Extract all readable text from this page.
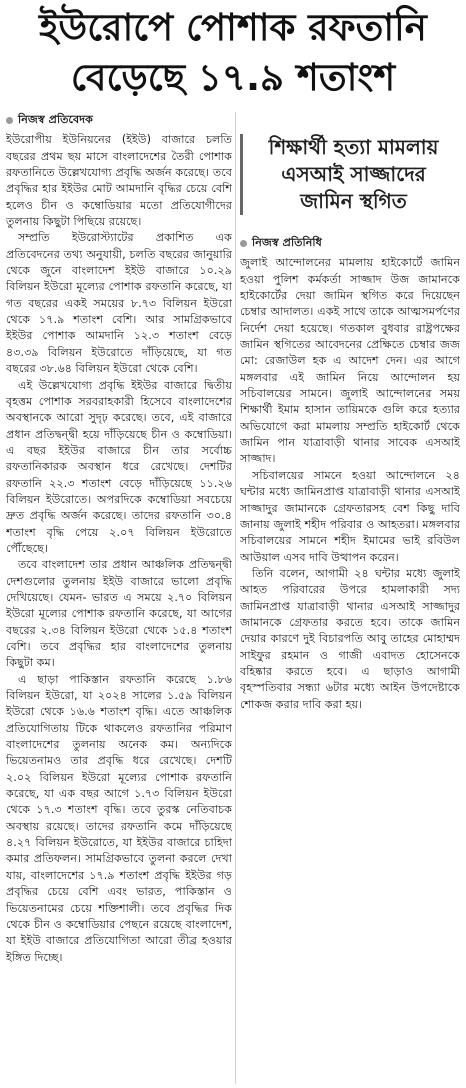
ইউরোপে পোশাক রফতানি
বেড়েছে ১৭.৯ শতাংশ
নিজস্ব প্রতিবেদক

ইউরোপীয় ইউনিয়নের (ইইউ) বাজারে চলতি বছরের প্রথম ছয় মাসে বাংলাদেশের তৈরী পোশাক রফতানিতে উল্লেখযোগ্য প্রবৃদ্ধি অর্জন করেছে। তবে প্রবৃদ্ধির হার ইইউর মোট আমদানি বৃদ্ধির চেয়ে বেশি হলেও চীন ও কম্বোডিয়ার মতো প্রতিযোগীদের তুলনায় কিছুটা পিছিয়ে রয়েছে।

সম্প্রতি ইউরোস্ট্যাটের প্রকাশিত এক প্রতিবেদনের তথ্য অনুযায়ী, চলতি বছরের জানুয়ারি থেকে জুনে বাংলাদেশ ইইউ বাজারে ১০.২৯ বিলিয়ন ইউরো মূল্যের পোশাক রফতানি করেছে, যা গত বছরের একই সময়ের ৮.৭৩ বিলিয়ন ইউরো থেকে ১৭.৯ শতাংশ বেশি। আর সামগ্রিকভাবে ইইউর পোশাক আমদানি ১২.৩ শতাংশ বেড়ে ৪৩.৩৯ বিলিয়ন ইউরোতে দাঁড়িয়েছে, যা গত বছরের ৩৮.৬৪ বিলিয়ন ইউরো থেকে বেশি।

এই উল্লেখযোগ্য প্রবৃদ্ধি ইইউর বাজারে দ্বিতীয় বৃহত্তম পোশাক সরবরাহকারী হিসেবে বাংলাদেশের অবস্থানকে আরো সুদৃঢ় করেছে। তবে, এই বাজারে প্রধান প্রতিদ্বন্দ্বী হয়ে দাঁড়িয়েছে চীন ও কম্বোডিয়া। এ বছর ইইউর বাজারে চীন তার সর্বোচ্চ রফতানিকারক অবস্থান ধরে রেখেছে। দেশটির রফতানি ২২.৩ শতাংশ বেড়ে দাঁড়িয়েছে ১১.২৬ বিলিয়ন ইউরোতে। অপরদিকে কম্বোডিয়া সবচেয়ে দ্রুত প্রবৃদ্ধি অর্জন করেছে। তাদের রফতানি ৩০.৪ শতাংশ বৃদ্ধি পেয়ে ২.০৭ বিলিয়ন ইউরোতে পৌঁছেছে।

তবে বাংলাদেশ তার প্রধান আঞ্চলিক প্রতিদ্বন্দ্বী দেশগুলোর তুলনায় ইইউ বাজারে ভালো প্রবৃদ্ধি দেখিয়েছে। যেমন- ভারত এ সময়ে ২.৭০ বিলিয়ন ইউরো মূল্যের পোশাক রফতানি করেছে, যা আগের বছরের ২.৩৪ বিলিয়ন ইউরো থেকে ১৫.৪ শতাংশ বেশি। তবে প্রবৃদ্ধির হার বাংলাদেশের তুলনায় কিছুটা কম।

এ ছাড়া পাকিস্তান রফতানি করেছে ১.৮৬ বিলিয়ন ইউরো, যা ২০২৪ সালের ১.৫৯ বিলিয়ন ইউরো থেকে ১৬.৬ শতাংশ বৃদ্ধি। এতে আঞ্চলিক প্রতিযোগিতায় টিকে থাকলেও রফতানির পরিমাণ বাংলাদেশের তুলনায় অনেক কম। অন্যদিকে ভিয়েতনামও তার প্রবৃদ্ধি ধরে রেখেছে। দেশটি ২.০২ বিলিয়ন ইউরো মূল্যের পোশাক রফতানি করেছে, যা এক বছর আগে ১.৭৩ বিলিয়ন ইউরো থেকে ১৭.৩ শতাংশ বৃদ্ধি। তবে তুরস্ক নেতিবাচক অবস্থায় রয়েছে। তাদের রফতানি কমে দাঁড়িয়েছে ৪.২৭ বিলিয়ন ইউরোতে, যা ইইউর বাজারে চাহিদা কমার প্রতিফলন। সামগ্রিকভাবে তুলনা করলে দেখা যায়, বাংলাদেশের ১৭.৯ শতাংশ প্রবৃদ্ধি ইইউর গড় প্রবৃদ্ধির চেয়ে বেশি এবং ভারত, পাকিস্তান ও ভিয়েতনামের চেয়ে শক্তিশালী। তবে প্রবৃদ্ধির দিক থেকে চীন ও কম্বোডিয়ার পেছনে রয়েছে বাংলাদেশ, যা ইইউ বাজারে প্রতিযোগিতা আরো তীব্র হওয়ার ইঙ্গিত দিচ্ছে।

শিক্ষার্থী হত্যা মামলায়
এসআই সাজ্জাদের
জামিন স্থগিত
নিজস্ব প্রতিনিধি

জুলাই আন্দোলনের মামলায় হাইকোর্টে জামিন হওয়া পুলিশ কর্মকর্তা সাজ্জাদ উজ জামানকে হাইকোর্টের দেয়া জামিন স্থগিত করে দিয়েছেন চেম্বার আদালত। একই সাথে তাকে আত্মসমর্পণের নির্দেশ দেয়া হয়েছে। গতকাল বুধবার রাষ্ট্রপক্ষের জামিন স্থগিতের আবেদনের প্রেক্ষিতে চেম্বার জজ মো: রেজাউল হক এ আদেশ দেন। এর আগে মঙ্গলবার এই জামিন নিয়ে আন্দোলন হয় সচিবালয়ের সামনে। জুলাই আন্দোলনের সময় শিক্ষার্থী ইমাম হাসান তায়িমকে গুলি করে হত্যার অভিযোগে করা মামলায় সম্প্রতি হাইকোর্ট থেকে জামিন পান যাত্রাবাড়ী থানার সাবেক এসআই সাজ্জাদ।

সচিবালয়ের সামনে হওয়া আন্দোলনে ২৪ ঘন্টার মধ্যে জামিনপ্রাপ্ত যাত্রাবাড়ী থানার এসআই সাজ্জাদুর জামানকে গ্রেফতারসহ বেশ কিছু দাবি জানায় জুলাই শহীদ পরিবার ও আহতরা। মঙ্গলবার সচিবালয়ের সামনে শহীদ ইমামের ভাই রবিউল আউয়াল এসব দাবি উত্থাপন করেন।

তিনি বলেন, আগামী ২৪ ঘন্টার মধ্যে জুলাই আহত পরিবারের উপরে হামলাকারী সদ্য জামিনপ্রাপ্ত যাত্রাবাড়ী থানার এসআই সাজ্জাদুর জামানকে গ্রেফতার করতে হবে। তাকে জামিন দেয়ার কারণে দুই বিচারপতি আবু তাহের মোহাম্মদ সাইফুর রহমান ও গাজী এবাদত হোসেনকে বহিষ্কার করতে হবে। এ ছাড়াও আগামী বৃহস্পতিবার সন্ধ্যা ৬টার মধ্যে আইন উপদেষ্টাকে শোকজ করার দাবি করা হয়।
